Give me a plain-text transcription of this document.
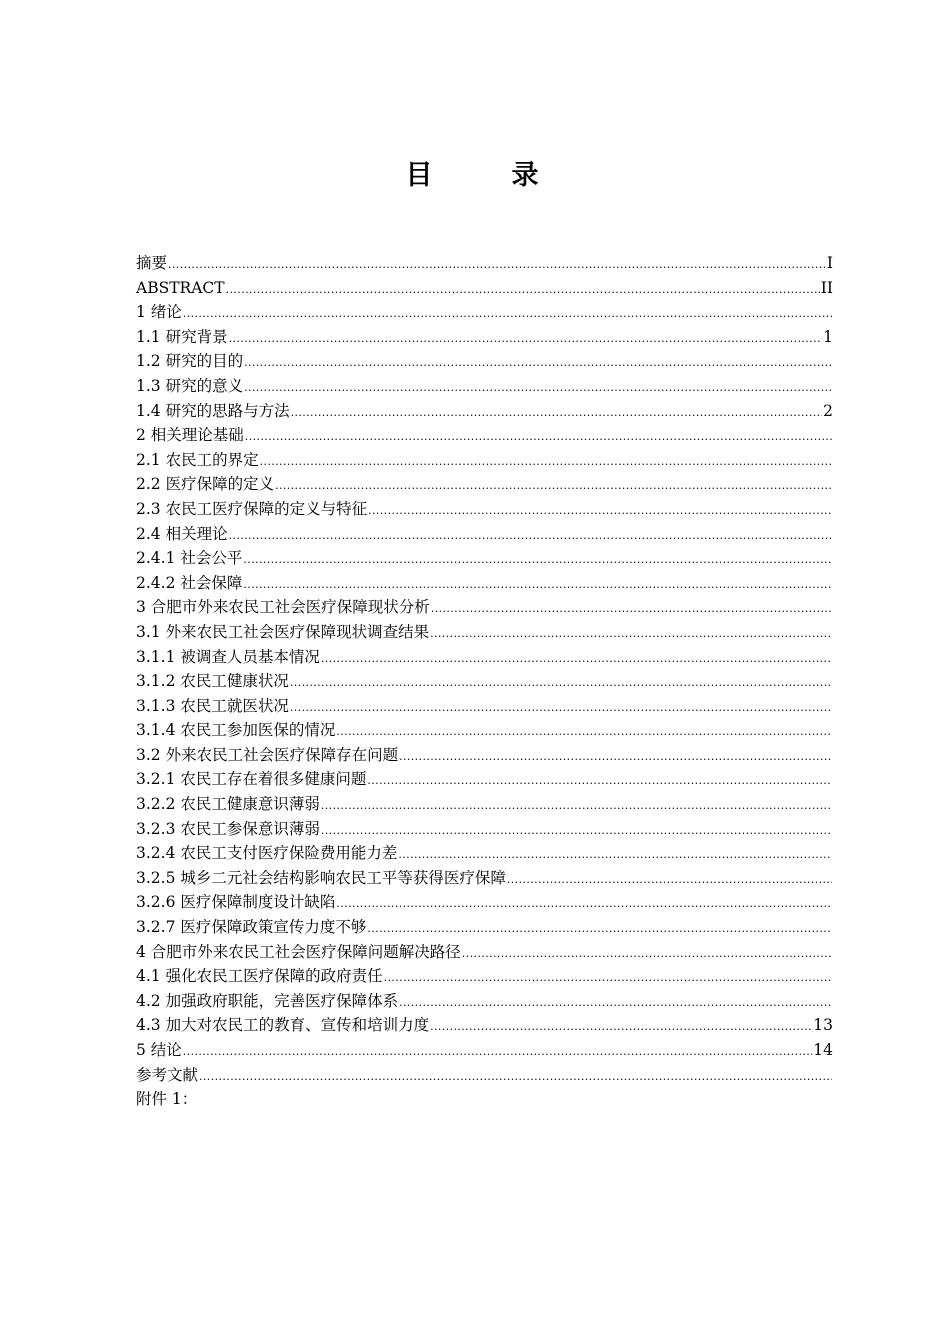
目　录
摘要 .....	I
ABSTRACT .....	II
1 绪论
.....
1.1 研究背景 .....	1
1.2 研究的目的
.....
1.3 研究的意义
.....
1.4 研究的思路与方法 .....	2
2 相关理论基础
.....
2.1 农民工的界定
.....
2.2 医疗保障的定义
.....
2.3 农民工医疗保障的定义与特征
.....
2.4 相关理论
.....
2.4.1 社会公平
.....
2.4.2 社会保障
.....
3 合肥市外来农民工社会医疗保障现状分析
.....
3.1 外来农民工社会医疗保障现状调查结果
.....
3.1.1 被调查人员基本情况
.....
3.1.2 农民工健康状况
.....
3.1.3 农民工就医状况
.....
3.1.4 农民工参加医保的情况
.....
3.2 外来农民工社会医疗保障存在问题
.....
3.2.1 农民工存在着很多健康问题
.....
3.2.2 农民工健康意识薄弱
.....
3.2.3 农民工参保意识薄弱
.....
3.2.4 农民工支付医疗保险费用能力差
.....
3.2.5 城乡二元社会结构影响农民工平等获得医疗保障
.....
3.2.6 医疗保障制度设计缺陷
.....
3.2.7 医疗保障政策宣传力度不够
.....
4 合肥市外来农民工社会医疗保障问题解决路径
.....
4.1 强化农民工医疗保障的政府责任
.....
4.2 加强政府职能，完善医疗保障体系
.....
4.3 加大对农民工的教育、宣传和培训力度 .....	13
5 结论 .....	14
参考文献
.....
附件 1：
